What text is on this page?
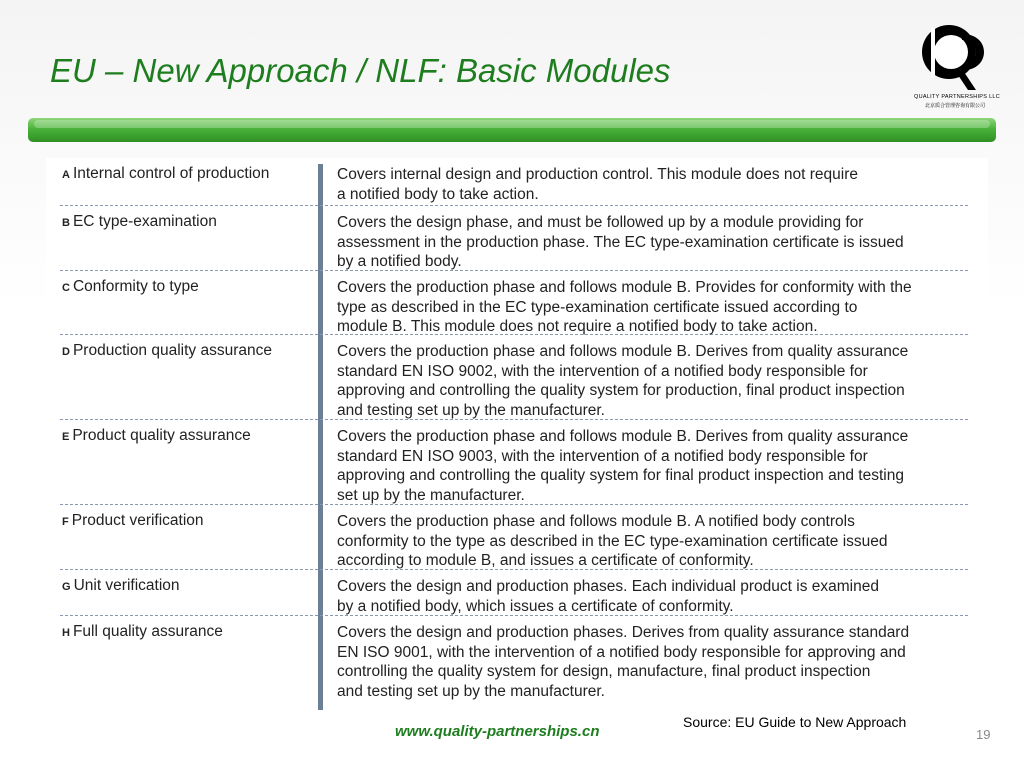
EU – New Approach / NLF: Basic Modules
QUALITY PARTNERSHIPS LLC
北京质合管理咨询有限公司
A Internal control of production	Covers internal design and production control. This module does not require
a notified body to take action.
B EC type-examination	Covers the design phase, and must be followed up by a module providing for
assessment in the production phase. The EC type-examination certificate is issued
by a notified body.
C Conformity to type	Covers the production phase and follows module B. Provides for conformity with the
type as described in the EC type-examination certificate issued according to
module B. This module does not require a notified body to take action.
D Production quality assurance	Covers the production phase and follows module B. Derives from quality assurance
standard EN ISO 9002, with the intervention of a notified body responsible for
approving and controlling the quality system for production, final product inspection
and testing set up by the manufacturer.
E Product quality assurance	Covers the production phase and follows module B. Derives from quality assurance
standard EN ISO 9003, with the intervention of a notified body responsible for
approving and controlling the quality system for final product inspection and testing
set up by the manufacturer.
F Product verification	Covers the production phase and follows module B. A notified body controls
conformity to the type as described in the EC type-examination certificate issued
according to module B, and issues a certificate of conformity.
G Unit verification	Covers the design and production phases. Each individual product is examined
by a notified body, which issues a certificate of conformity.
H Full quality assurance	Covers the design and production phases. Derives from quality assurance standard
EN ISO 9001, with the intervention of a notified body responsible for approving and
controlling the quality system for design, manufacture, final product inspection
and testing set up by the manufacturer.
Source: EU Guide to New Approach
www.quality-partnerships.cn	19
